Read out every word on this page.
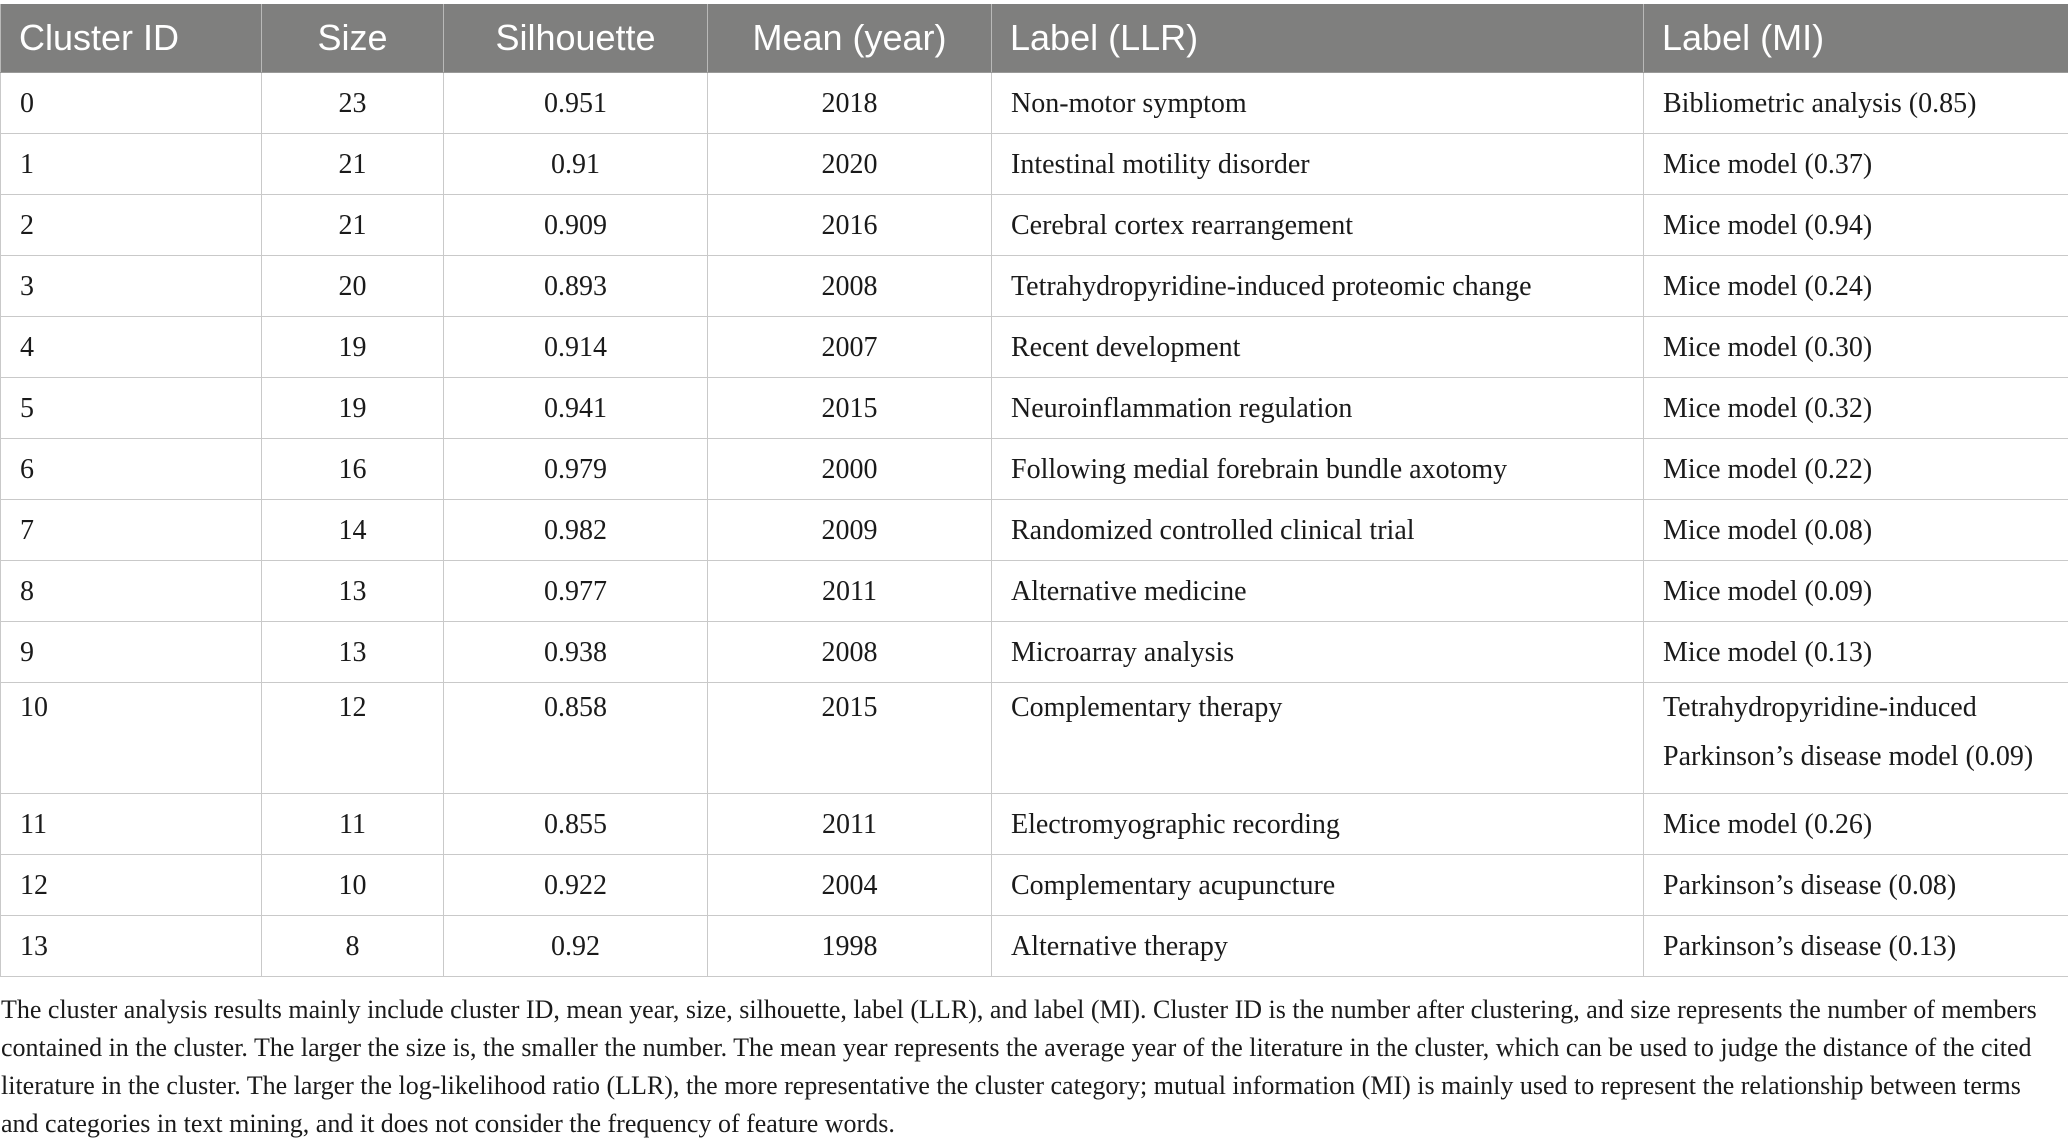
Cluster ID	Size	Silhouette	Mean (year)	Label (LLR)	Label (MI)
0	23	0.951	2018	Non-motor symptom	Bibliometric analysis (0.85)
1	21	0.91	2020	Intestinal motility disorder	Mice model (0.37)
2	21	0.909	2016	Cerebral cortex rearrangement	Mice model (0.94)
3	20	0.893	2008	Tetrahydropyridine-induced proteomic change	Mice model (0.24)
4	19	0.914	2007	Recent development	Mice model (0.30)
5	19	0.941	2015	Neuroinflammation regulation	Mice model (0.32)
6	16	0.979	2000	Following medial forebrain bundle axotomy	Mice model (0.22)
7	14	0.982	2009	Randomized controlled clinical trial	Mice model (0.08)
8	13	0.977	2011	Alternative medicine	Mice model (0.09)
9	13	0.938	2008	Microarray analysis	Mice model (0.13)
10	12	0.858	2015	Complementary therapy	Tetrahydropyridine-induced Parkinson’s disease model (0.09)
11	11	0.855	2011	Electromyographic recording	Mice model (0.26)
12	10	0.922	2004	Complementary acupuncture	Parkinson’s disease (0.08)
13	8	0.92	1998	Alternative therapy	Parkinson’s disease (0.13)
The cluster analysis results mainly include cluster ID, mean year, size, silhouette, label (LLR), and label (MI). Cluster ID is the number after clustering, and size represents the number of members contained in the cluster. The larger the size is, the smaller the number. The mean year represents the average year of the literature in the cluster, which can be used to judge the distance of the cited literature in the cluster. The larger the log-likelihood ratio (LLR), the more representative the cluster category; mutual information (MI) is mainly used to represent the relationship between terms and categories in text mining, and it does not consider the frequency of feature words.
